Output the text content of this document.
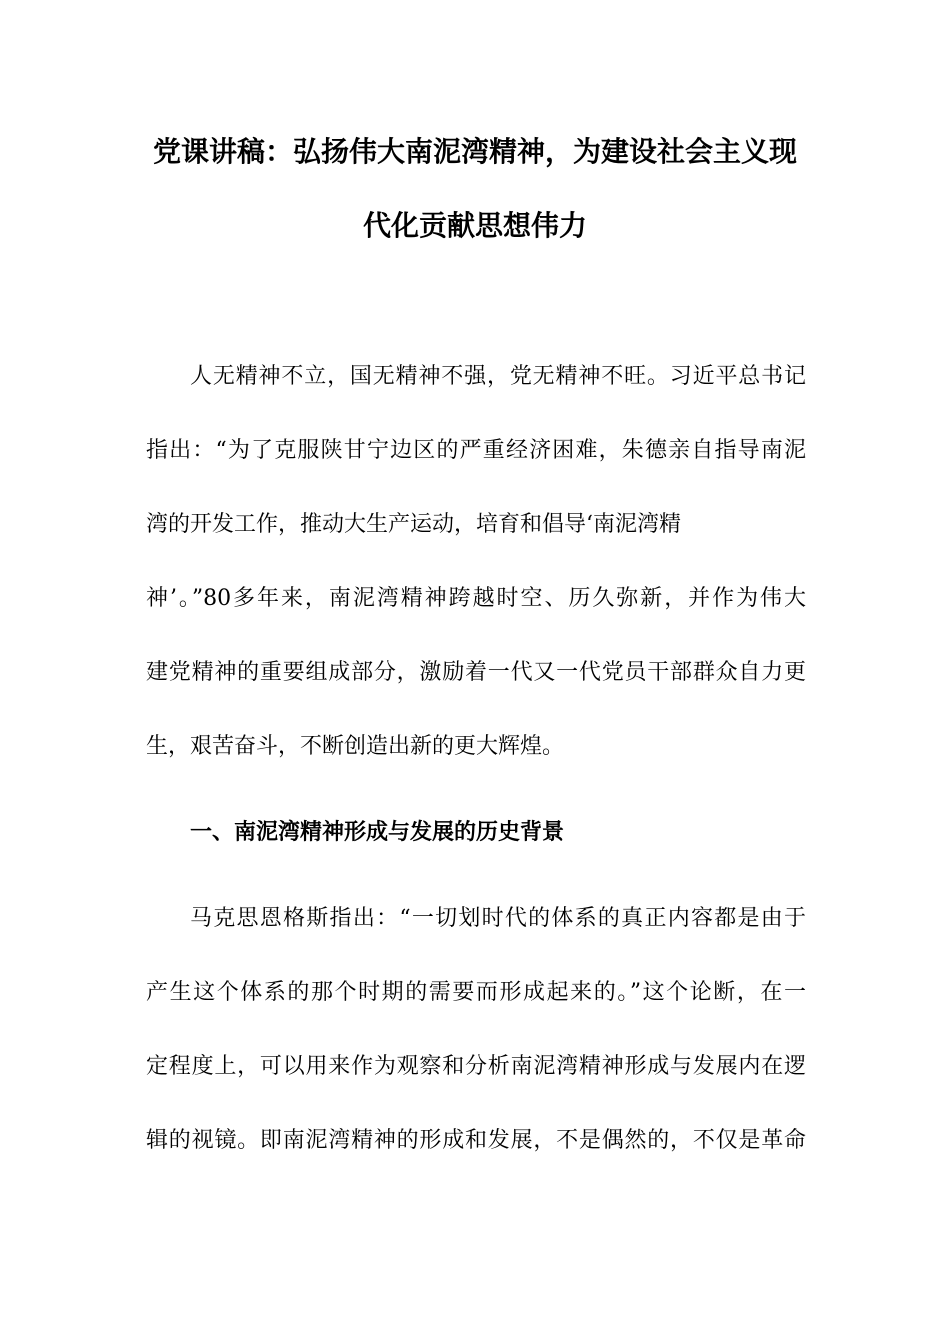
党课讲稿：弘扬伟大南泥湾精神，为建设社会主义现
代化贡献思想伟力
人无精神不立，国无精神不强，党无精神不旺。习近平总书记
指出：“为了克服陕甘宁边区的严重经济困难，朱德亲自指导南泥
湾的开发工作，推动大生产运动，培育和倡导‘南泥湾精
神’。”80多年来，南泥湾精神跨越时空、历久弥新，并作为伟大
建党精神的重要组成部分，激励着一代又一代党员干部群众自力更
生，艰苦奋斗，不断创造出新的更大辉煌。
一、南泥湾精神形成与发展的历史背景
马克思恩格斯指出：“一切划时代的体系的真正内容都是由于
产生这个体系的那个时期的需要而形成起来的。”这个论断，在一
定程度上，可以用来作为观察和分析南泥湾精神形成与发展内在逻
辑的视镜。即南泥湾精神的形成和发展，不是偶然的，不仅是革命
